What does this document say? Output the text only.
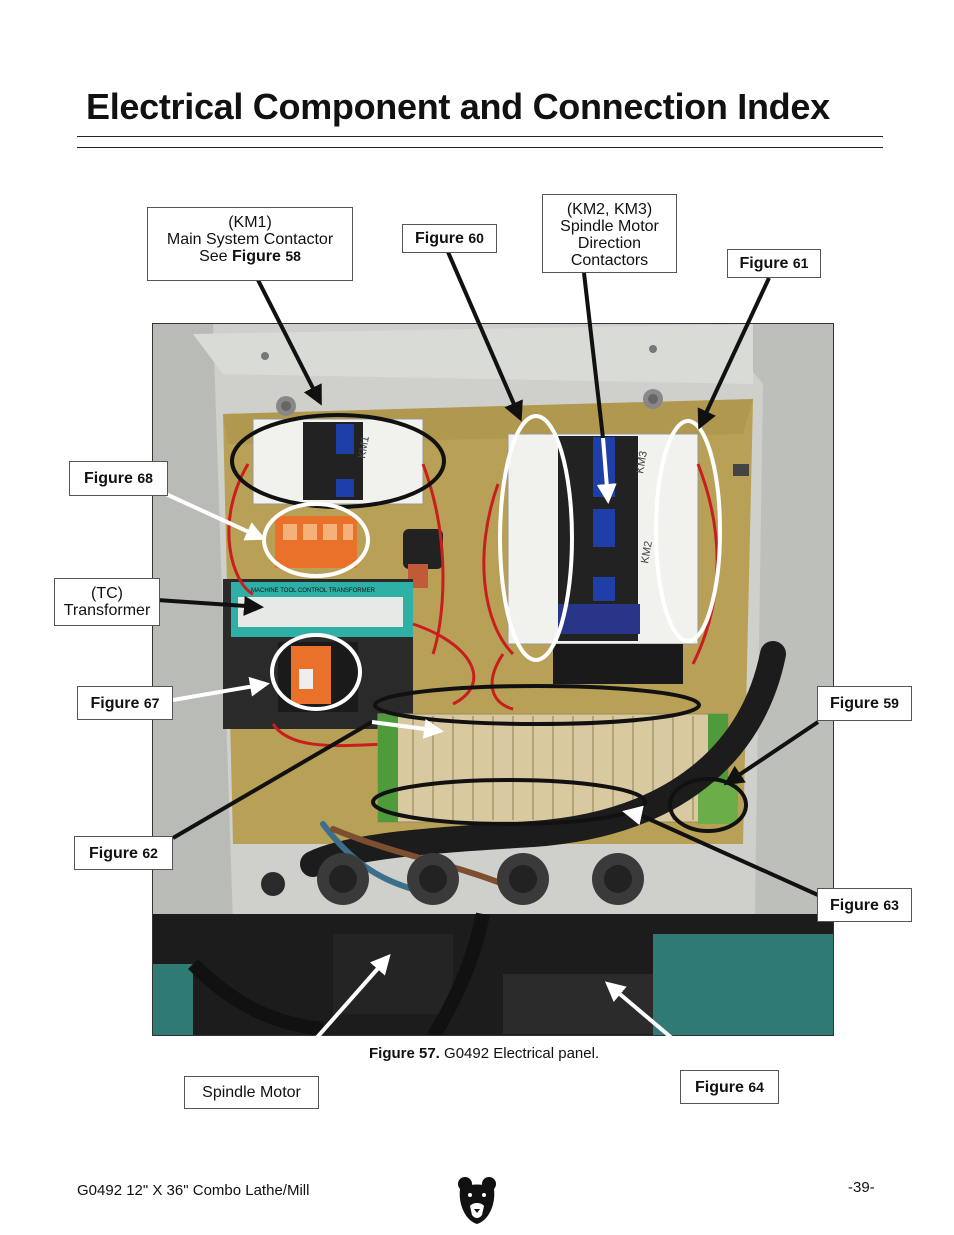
Electrical Component and Connection Index
KM1
MACHINE TOOL CONTROL TRANSFORMER
KM3
KM2
(KM1)
Main System Contactor
See Figure 58
Figure 60
(KM2, KM3)
Spindle Motor
Direction
Contactors	Figure 61
Figure 68
(TC)
Transformer
Figure 67	Figure 59
Figure 62
Figure 63
Figure 57. G0492 Electrical panel.
Spindle Motor	Figure 64
G0492 12" X 36" Combo Lathe/Mill	-39-
